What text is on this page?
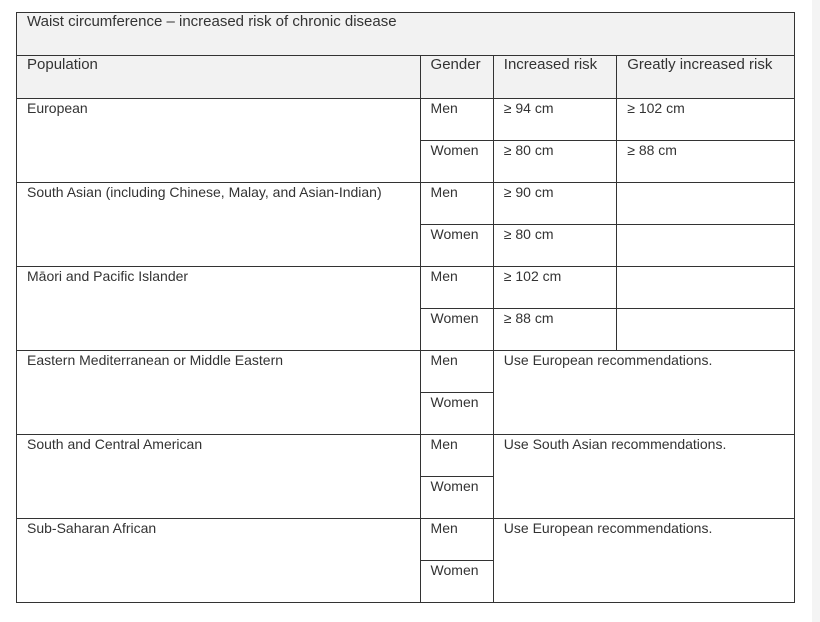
Waist circumference – increased risk of chronic disease			
Population	Gender	Increased risk	Greatly increased risk
European	Men	≥ 94 cm	≥ 102 cm
	Women	≥ 80 cm	≥ 88 cm
South Asian (including Chinese, Malay, and Asian-Indian)	Men	≥ 90 cm	
	Women	≥ 80 cm	
Māori and Pacific Islander	Men	≥ 102 cm	
	Women	≥ 88 cm	
Eastern Mediterranean or Middle Eastern	Men	Use European recommendations.	
	Women		
South and Central American	Men	Use South Asian recommendations.	
	Women		
Sub-Saharan African	Men	Use European recommendations.	
	Women		
